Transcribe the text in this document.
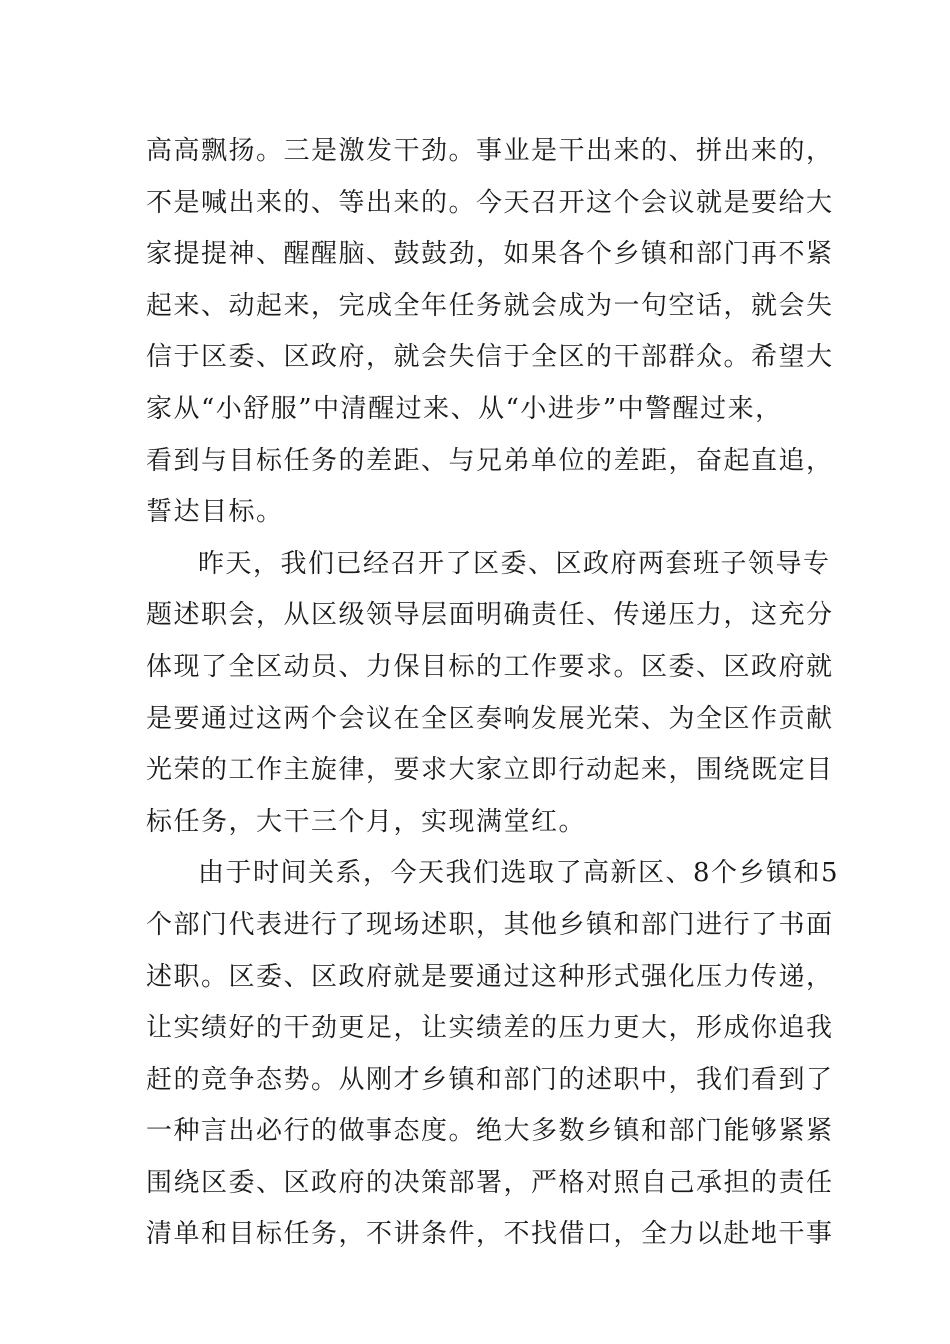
高高飘扬。三是激发干劲。事业是干出来的、拼出来的，
不是喊出来的、等出来的。今天召开这个会议就是要给大
家提提神、醒醒脑、鼓鼓劲，如果各个乡镇和部门再不紧
起来、动起来，完成全年任务就会成为一句空话，就会失
信于区委、区政府，就会失信于全区的干部群众。希望大
家从“小舒服”中清醒过来、从“小进步”中警醒过来，
看到与目标任务的差距、与兄弟单位的差距，奋起直追，
誓达目标。
昨天，我们已经召开了区委、区政府两套班子领导专
题述职会，从区级领导层面明确责任、传递压力，这充分
体现了全区动员、力保目标的工作要求。区委、区政府就
是要通过这两个会议在全区奏响发展光荣、为全区作贡献
光荣的工作主旋律，要求大家立即行动起来，围绕既定目
标任务，大干三个月，实现满堂红。
由于时间关系，今天我们选取了高新区、8个乡镇和5
个部门代表进行了现场述职，其他乡镇和部门进行了书面
述职。区委、区政府就是要通过这种形式强化压力传递，
让实绩好的干劲更足，让实绩差的压力更大，形成你追我
赶的竞争态势。从刚才乡镇和部门的述职中，我们看到了
一种言出必行的做事态度。绝大多数乡镇和部门能够紧紧
围绕区委、区政府的决策部署，严格对照自己承担的责任
清单和目标任务，不讲条件，不找借口，全力以赴地干事
